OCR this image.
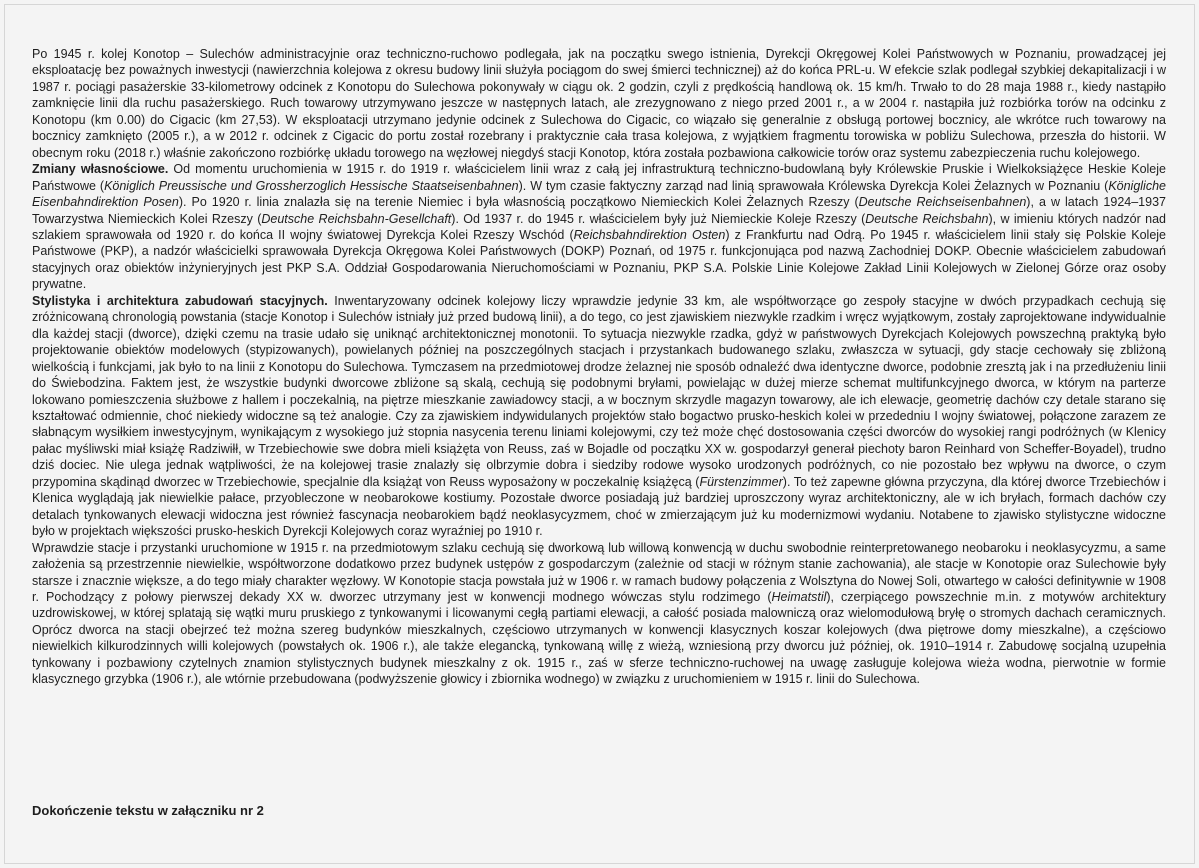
Po 1945 r. kolej Konotop – Sulechów administracyjnie oraz techniczno-ruchowo podlegała, jak na początku swego istnienia, Dyrekcji Okręgowej Kolei Państwowych w Poznaniu, prowadzącej jej eksploatację bez poważnych inwestycji (nawierzchnia kolejowa z okresu budowy linii służyła pociągom do swej śmierci technicznej) aż do końca PRL-u. W efekcie szlak podlegał szybkiej dekapitalizacji i w 1987 r. pociągi pasażerskie 33-kilometrowy odcinek z Konotopu do Sulechowa pokonywały w ciągu ok. 2 godzin, czyli z prędkością handlową ok. 15 km/h. Trwało to do 28 maja 1988 r., kiedy nastąpiło zamknięcie linii dla ruchu pasażerskiego. Ruch towarowy utrzymywano jeszcze w następnych latach, ale zrezygnowano z niego przed 2001 r., a w 2004 r. nastąpiła już rozbiórka torów na odcinku z Konotopu (km 0.00) do Cigacic (km 27,53). W eksploatacji utrzymano jedynie odcinek z Sulechowa do Cigacic, co wiązało się generalnie z obsługą portowej bocznicy, ale wkrótce ruch towarowy na bocznicy zamknięto (2005 r.), a w 2012 r. odcinek z Cigacic do portu został rozebrany i praktycznie cała trasa kolejowa, z wyjątkiem fragmentu torowiska w pobliżu Sulechowa, przeszła do historii. W obecnym roku (2018 r.) właśnie zakończono rozbiórkę układu torowego na węzłowej niegdyś stacji Konotop, która została pozbawiona całkowicie torów oraz systemu zabezpieczenia ruchu kolejowego.

Zmiany własnościowe. Od momentu uruchomienia w 1915 r. do 1919 r. właścicielem linii wraz z całą jej infrastrukturą techniczno-budowlaną były Królewskie Pruskie i Wielkoksiążęce Heskie Koleje Państwowe (Königlich Preussische und Grossherzoglich Hessische Staatseisenbahnen). W tym czasie faktyczny zarząd nad linią sprawowała Królewska Dyrekcja Kolei Żelaznych w Poznaniu (Königliche Eisenbahndirektion Posen). Po 1920 r. linia znalazła się na terenie Niemiec i była własnością początkowo Niemieckich Kolei Żelaznych Rzeszy (Deutsche Reichseisenbahnen), a w latach 1924–1937 Towarzystwa Niemieckich Kolei Rzeszy (Deutsche Reichsbahn-Gesellchaft). Od 1937 r. do 1945 r. właścicielem były już Niemieckie Koleje Rzeszy (Deutsche Reichsbahn), w imieniu których nadzór nad szlakiem sprawowała od 1920 r. do końca II wojny światowej Dyrekcja Kolei Rzeszy Wschód (Reichsbahndirektion Osten) z Frankfurtu nad Odrą. Po 1945 r. właścicielem linii stały się Polskie Koleje Państwowe (PKP), a nadzór właścicielki sprawowała Dyrekcja Okręgowa Kolei Państwowych (DOKP) Poznań, od 1975 r. funkcjonująca pod nazwą Zachodniej DOKP. Obecnie właścicielem zabudowań stacyjnych oraz obiektów inżynieryjnych jest PKP S.A. Oddział Gospodarowania Nieruchomościami w Poznaniu, PKP S.A. Polskie Linie Kolejowe Zakład Linii Kolejowych w Zielonej Górze oraz osoby prywatne.

Stylistyka i architektura zabudowań stacyjnych. Inwentaryzowany odcinek kolejowy liczy wprawdzie jedynie 33 km, ale współtworzące go zespoły stacyjne w dwóch przypadkach cechują się zróżnicowaną chronologią powstania (stacje Konotop i Sulechów istniały już przed budową linii), a do tego, co jest zjawiskiem niezwykle rzadkim i wręcz wyjątkowym, zostały zaprojektowane indywidualnie dla każdej stacji (dworce), dzięki czemu na trasie udało się uniknąć architektonicznej monotonii. To sytuacja niezwykle rzadka, gdyż w państwowych Dyrekcjach Kolejowych powszechną praktyką było projektowanie obiektów modelowych (stypizowanych), powielanych później na poszczególnych stacjach i przystankach budowanego szlaku, zwłaszcza w sytuacji, gdy stacje cechowały się zbliżoną wielkością i funkcjami, jak było to na linii z Konotopu do Sulechowa. Tymczasem na przedmiotowej drodze żelaznej nie sposób odnaleźć dwa identyczne dworce, podobnie zresztą jak i na przedłużeniu linii do Świebodzina. Faktem jest, że wszystkie budynki dworcowe zbliżone są skalą, cechują się podobnymi bryłami, powielając w dużej mierze schemat multifunkcyjnego dworca, w którym na parterze lokowano pomieszczenia służbowe z hallem i poczekalnią, na piętrze mieszkanie zawiadowcy stacji, a w bocznym skrzydle magazyn towarowy, ale ich elewacje, geometrię dachów czy detale starano się kształtować odmiennie, choć niekiedy widoczne są też analogie. Czy za zjawiskiem indywidulanych projektów stało bogactwo prusko-heskich kolei w przededniu I wojny światowej, połączone zarazem ze słabnącym wysiłkiem inwestycyjnym, wynikającym z wysokiego już stopnia nasycenia terenu liniami kolejowymi, czy też może chęć dostosowania części dworców do wysokiej rangi podróżnych (w Klenicy pałac myśliwski miał książę Radziwiłł, w Trzebiechowie swe dobra mieli książęta von Reuss, zaś w Bojadle od początku XX w. gospodarzył generał piechoty baron Reinhard von Scheffer-Boyadel), trudno dziś dociec. Nie ulega jednak wątpliwości, że na kolejowej trasie znalazły się olbrzymie dobra i siedziby rodowe wysoko urodzonych podróżnych, co nie pozostało bez wpływu na dworce, o czym przypomina skądinąd dworzec w Trzebiechowie, specjalnie dla książąt von Reuss wyposażony w poczekalnię książęcą (Fürstenzimmer). To też zapewne główna przyczyna, dla której dworce Trzebiechów i Klenica wyglądają jak niewielkie pałace, przyobleczone w neobarokowe kostiumy. Pozostałe dworce posiadają już bardziej uproszczony wyraz architektoniczny, ale w ich bryłach, formach dachów czy detalach tynkowanych elewacji widoczna jest również fascynacja neobarokiem bądź neoklasycyzmem, choć w zmierzającym już ku modernizmowi wydaniu. Notabene to zjawisko stylistyczne widoczne było w projektach większości prusko-heskich Dyrekcji Kolejowych coraz wyraźniej po 1910 r.

Wprawdzie stacje i przystanki uruchomione w 1915 r. na przedmiotowym szlaku cechują się dworkową lub willową konwencją w duchu swobodnie reinterpretowanego neobaroku i neoklasycyzmu, a same założenia są przestrzennie niewielkie, współtworzone dodatkowo przez budynek ustępów z gospodarczym (zależnie od stacji w różnym stanie zachowania), ale stacje w Konotopie oraz Sulechowie były starsze i znacznie większe, a do tego miały charakter węzłowy. W Konotopie stacja powstała już w 1906 r. w ramach budowy połączenia z Wolsztyna do Nowej Soli, otwartego w całości definitywnie w 1908 r. Pochodzący z połowy pierwszej dekady XX w. dworzec utrzymany jest w konwencji modnego wówczas stylu rodzimego (Heimatstil), czerpiącego powszechnie m.in. z motywów architektury uzdrowiskowej, w której splatają się wątki muru pruskiego z tynkowanymi i licowanymi cegłą partiami elewacji, a całość posiada malowniczą oraz wielomodułową bryłę o stromych dachach ceramicznych. Oprócz dworca na stacji obejrzeć też można szereg budynków mieszkalnych, częściowo utrzymanych w konwencji klasycznych koszar kolejowych (dwa piętrowe domy mieszkalne), a częściowo niewielkich kilkurodzinnych willi kolejowych (powstałych ok. 1906 r.), ale także elegancką, tynkowaną willę z wieżą, wzniesioną przy dworcu już później, ok. 1910–1914 r. Zabudowę socjalną uzupełnia tynkowany i pozbawiony czytelnych znamion stylistycznych budynek mieszkalny z ok. 1915 r., zaś w sferze techniczno-ruchowej na uwagę zasługuje kolejowa wieża wodna, pierwotnie w formie klasycznego grzybka (1906 r.), ale wtórnie przebudowana (podwyższenie głowicy i zbiornika wodnego) w związku z uruchomieniem w 1915 r. linii do Sulechowa.

Dokończenie tekstu w załączniku nr 2
